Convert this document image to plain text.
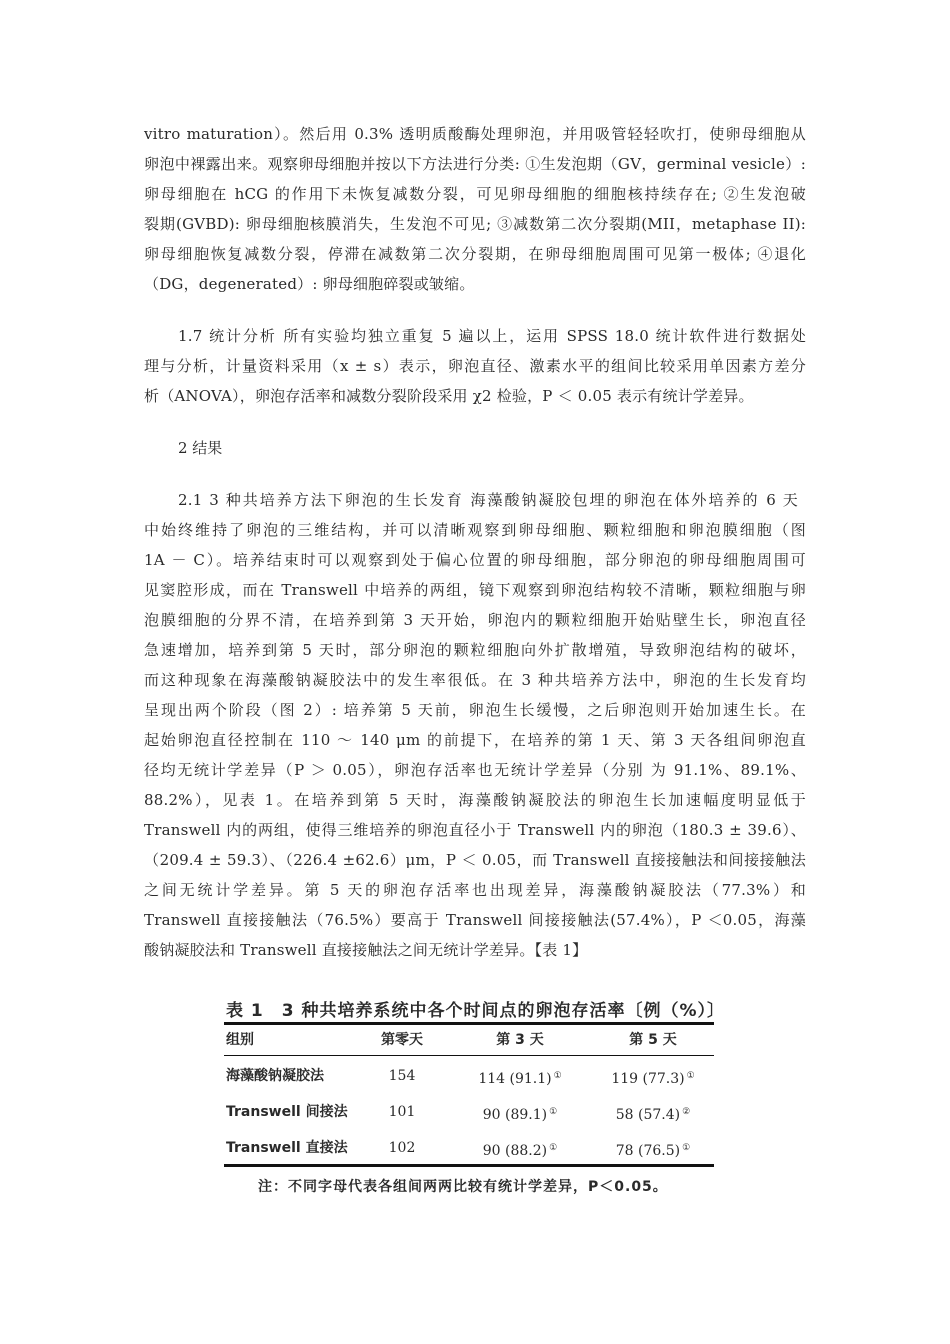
vitro maturation）。然后用 0.3% 透明质酸酶处理卵泡，并用吸管轻轻吹打，使卵母细胞从
卵泡中裸露出来。观察卵母细胞并按以下方法进行分类: ①生发泡期（GV，germinal vesicle）:
卵母细胞在 hCG 的作用下未恢复减数分裂，可见卵母细胞的细胞核持续存在; ②生发泡破
裂期(GVBD): 卵母细胞核膜消失，生发泡不可见; ③减数第二次分裂期(MII，metaphase II):
卵母细胞恢复减数分裂，停滞在减数第二次分裂期，在卵母细胞周围可见第一极体; ④退化
（DG，degenerated）: 卵母细胞碎裂或皱缩。
1.7 统计分析 所有实验均独立重复 5 遍以上，运用 SPSS 18.0 统计软件进行数据处
理与分析，计量资料采用（x ± s）表示，卵泡直径、激素水平的组间比较采用单因素方差分
析（ANOVA），卵泡存活率和减数分裂阶段采用 χ2 检验，P ＜ 0.05 表示有统计学差异。
2 结果
2.1 3 种共培养方法下卵泡的生长发育 海藻酸钠凝胶包埋的卵泡在体外培养的 6 天
中始终维持了卵泡的三维结构，并可以清晰观察到卵母细胞、颗粒细胞和卵泡膜细胞（图
1A － C）。培养结束时可以观察到处于偏心位置的卵母细胞，部分卵泡的卵母细胞周围可
见窦腔形成，而在 Transwell 中培养的两组，镜下观察到卵泡结构较不清晰，颗粒细胞与卵
泡膜细胞的分界不清，在培养到第 3 天开始，卵泡内的颗粒细胞开始贴壁生长，卵泡直径
急速增加，培养到第 5 天时，部分卵泡的颗粒细胞向外扩散增殖，导致卵泡结构的破坏，
而这种现象在海藻酸钠凝胶法中的发生率很低。在 3 种共培养方法中，卵泡的生长发育均
呈现出两个阶段（图 2）: 培养第 5 天前，卵泡生长缓慢，之后卵泡则开始加速生长。在
起始卵泡直径控制在 110 ～ 140 μm 的前提下，在培养的第 1 天、第 3 天各组间卵泡直
径均无统计学差异（P ＞ 0.05），卵泡存活率也无统计学差异（分别 为 91.1%、89.1%、
88.2%），见表 1。在培养到第 5 天时，海藻酸钠凝胶法的卵泡生长加速幅度明显低于
Transwell 内的两组，使得三维培养的卵泡直径小于 Transwell 内的卵泡（180.3 ± 39.6）、
（209.4 ± 59.3）、（226.4 ±62.6）μm，P ＜ 0.05，而 Transwell 直接接触法和间接接触法
之间无统计学差异。第 5 天的卵泡存活率也出现差异，海藻酸钠凝胶法（77.3%）和
Transwell 直接接触法（76.5%）要高于 Transwell 间接接触法(57.4%），P ＜0.05，海藻
酸钠凝胶法和 Transwell 直接接触法之间无统计学差异。【表 1】
表 1　3 种共培养系统中各个时间点的卵泡存活率〔例（%）〕
组别	第零天	第 3 天	第 5 天
海藻酸钠凝胶法	154	114 (91.1) ①	119 (77.3) ①
Transwell 间接法	101	90 (89.1) ①	58 (57.4) ②
Transwell 直接法	102	90 (88.2) ①	78 (76.5) ①
注：不同字母代表各组间两两比较有统计学差异，P＜0.05。
